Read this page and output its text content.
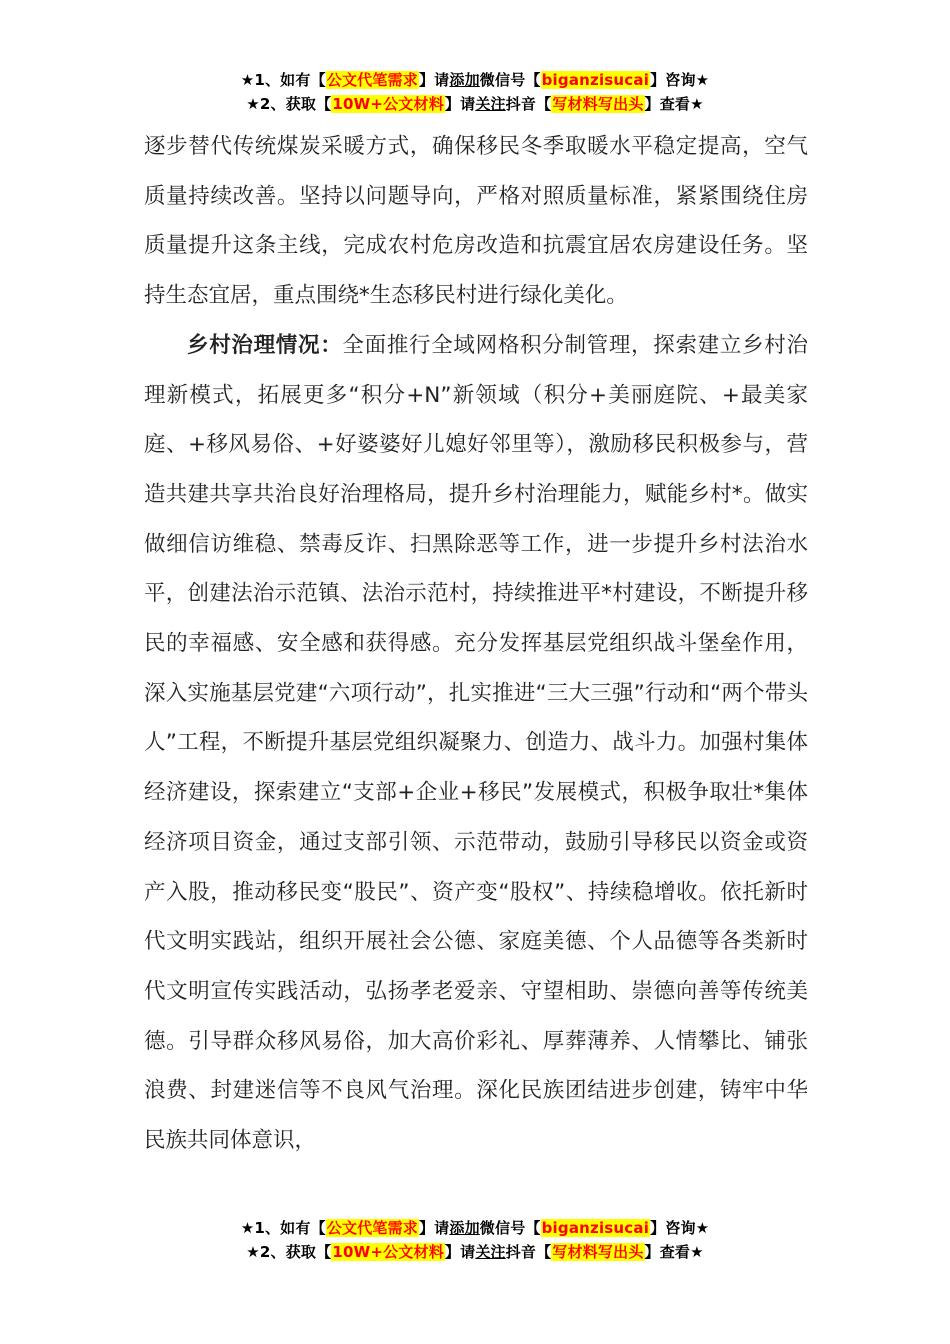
★1、如有【公文代笔需求】请添加微信号【biganzisucai】咨询★
★2、获取【10W+公文材料】请关注抖音【写材料写出头】查看★

逐步替代传统煤炭采暖方式，确保移民冬季取暖水平稳定提高，空气质量持续改善。坚持以问题导向，严格对照质量标准，紧紧围绕住房质量提升这条主线，完成农村危房改造和抗震宜居农房建设任务。坚持生态宜居，重点围绕*生态移民村进行绿化美化。

乡村治理情况：全面推行全域网格积分制管理，探索建立乡村治理新模式，拓展更多“积分+N”新领域（积分+美丽庭院、+最美家庭、+移风易俗、+好婆婆好儿媳好邻里等），激励移民积极参与，营造共建共享共治良好治理格局，提升乡村治理能力，赋能乡村*。做实做细信访维稳、禁毒反诈、扫黑除恶等工作，进一步提升乡村法治水平，创建法治示范镇、法治示范村，持续推进平*村建设，不断提升移民的幸福感、安全感和获得感。充分发挥基层党组织战斗堡垒作用，深入实施基层党建“六项行动”，扎实推进“三大三强”行动和“两个带头人”工程，不断提升基层党组织凝聚力、创造力、战斗力。加强村集体经济建设，探索建立“支部+企业+移民”发展模式，积极争取壮*集体经济项目资金，通过支部引领、示范带动，鼓励引导移民以资金或资产入股，推动移民变“股民”、资产变“股权”、持续稳增收。依托新时代文明实践站，组织开展社会公德、家庭美德、个人品德等各类新时代文明宣传实践活动，弘扬孝老爱亲、守望相助、崇德向善等传统美德。引导群众移风易俗，加大高价彩礼、厚葬薄养、人情攀比、铺张浪费、封建迷信等不良风气治理。深化民族团结进步创建，铸牢中华民族共同体意识，

★1、如有【公文代笔需求】请添加微信号【biganzisucai】咨询★
★2、获取【10W+公文材料】请关注抖音【写材料写出头】查看★
